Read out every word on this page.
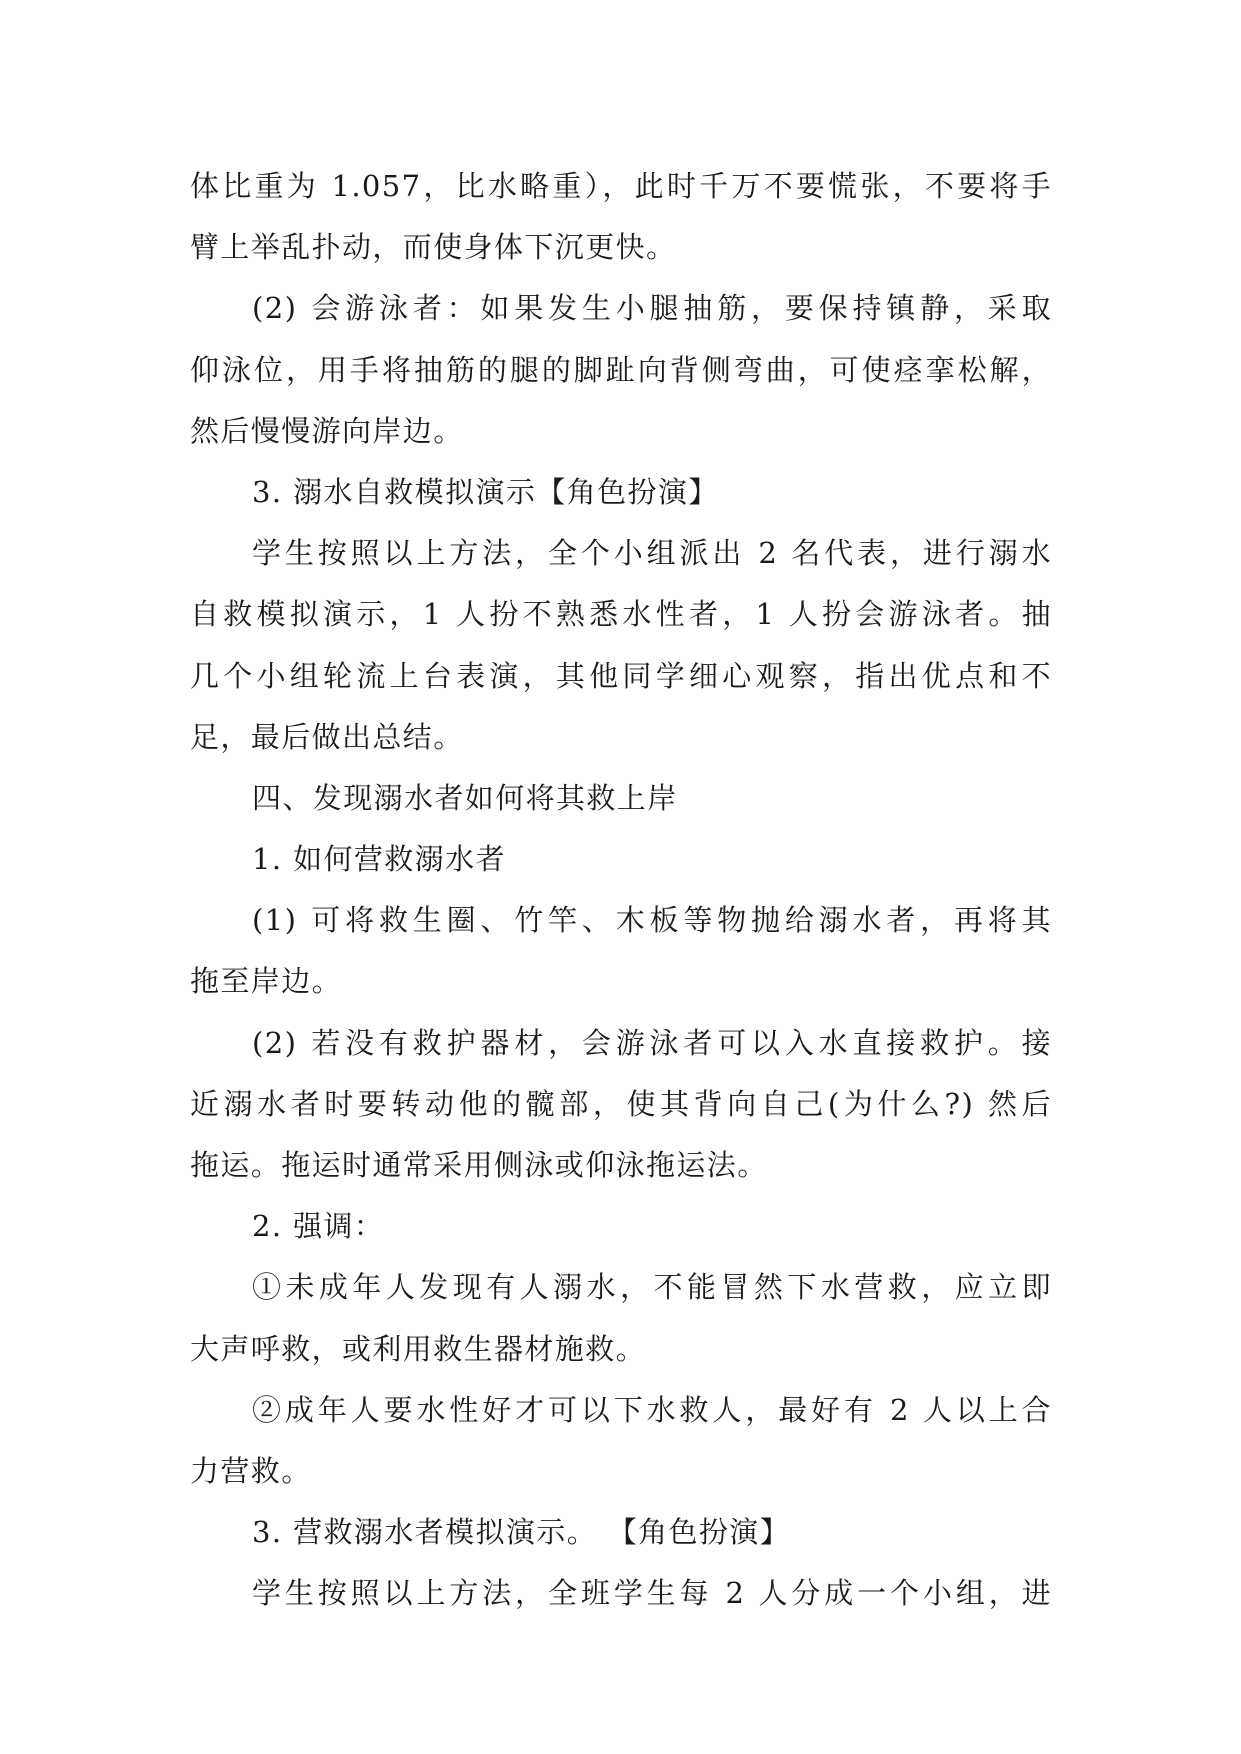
体比重为 1.057，比水略重），此时千万不要慌张，不要将手
臂上举乱扑动，而使身体下沉更快。
(2) 会游泳者：如果发生小腿抽筋，要保持镇静，采取
仰泳位，用手将抽筋的腿的脚趾向背侧弯曲，可使痉挛松解，
然后慢慢游向岸边。
3. 溺水自救模拟演示【角色扮演】
学生按照以上方法，全个小组派出 2 名代表，进行溺水
自救模拟演示，1 人扮不熟悉水性者，1 人扮会游泳者。抽
几个小组轮流上台表演，其他同学细心观察，指出优点和不
足，最后做出总结。
四、发现溺水者如何将其救上岸
1. 如何营救溺水者
(1) 可将救生圈、竹竿、木板等物抛给溺水者，再将其
拖至岸边。
(2) 若没有救护器材，会游泳者可以入水直接救护。接
近溺水者时要转动他的髋部，使其背向自己(为什么?) 然后
拖运。拖运时通常采用侧泳或仰泳拖运法。
2. 强调：
①未成年人发现有人溺水，不能冒然下水营救，应立即
大声呼救，或利用救生器材施救。
②成年人要水性好才可以下水救人，最好有 2 人以上合
力营救。
3. 营救溺水者模拟演示。 【角色扮演】
学生按照以上方法，全班学生每 2 人分成一个小组，进
